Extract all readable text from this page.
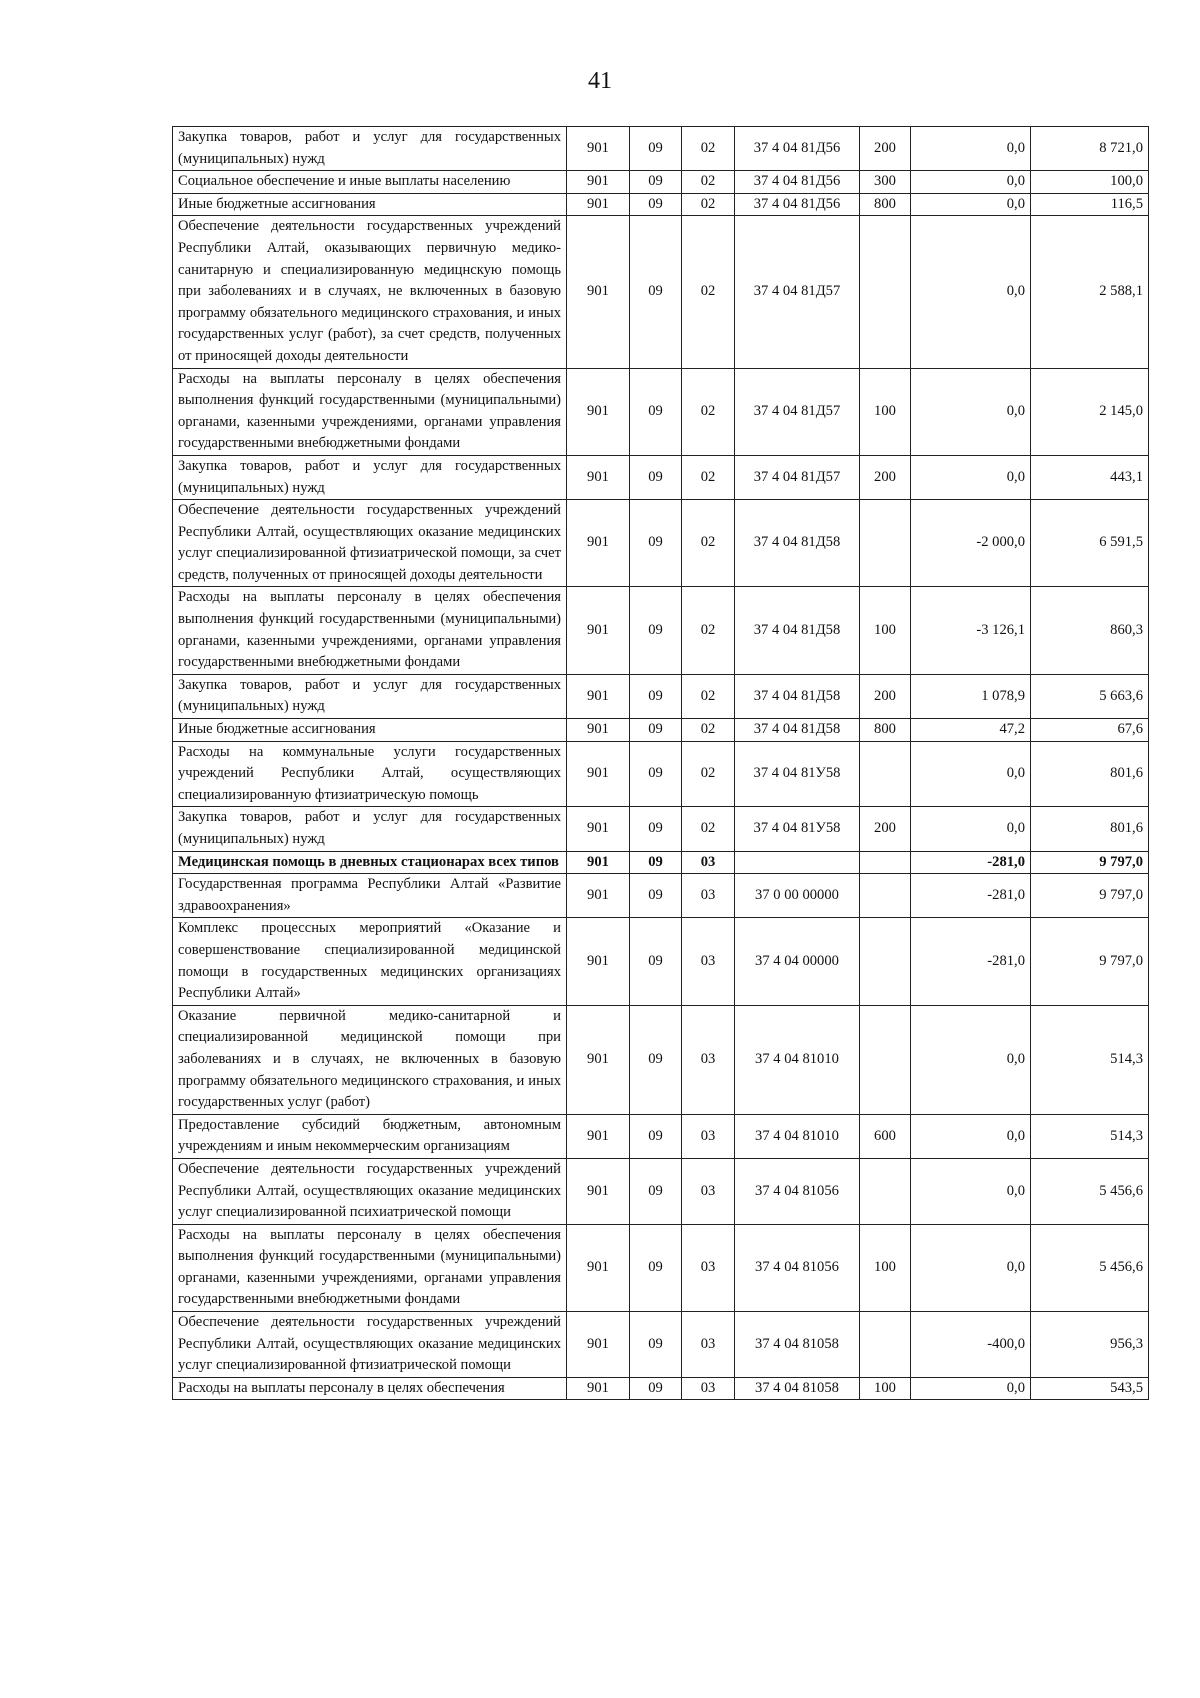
41
Закупка товаров, работ и услуг для государственных (муниципальных) нужд	901	09	02	37 4 04 81Д56	200	0,0	8 721,0
Социальное обеспечение и иные выплаты населению	901	09	02	37 4 04 81Д56	300	0,0	100,0
Иные бюджетные ассигнования	901	09	02	37 4 04 81Д56	800	0,0	116,5
Обеспечение деятельности государственных учреждений Республики Алтай, оказывающих первичную медико-санитарную и специализированную медицнскую помощь при заболеваниях и в случаях, не включенных в базовую программу обязательного медицинского страхования, и иных государственных услуг (работ), за счет средств, полученных от приносящей доходы деятельности	901	09	02	37 4 04 81Д57		0,0	2 588,1
Расходы на выплаты персоналу в целях обеспечения выполнения функций государственными (муниципальными) органами, казенными учреждениями, органами управления государственными внебюджетными фондами	901	09	02	37 4 04 81Д57	100	0,0	2 145,0
Закупка товаров, работ и услуг для государственных (муниципальных) нужд	901	09	02	37 4 04 81Д57	200	0,0	443,1
Обеспечение деятельности государственных учреждений Республики Алтай, осуществляющих оказание медицинских услуг специализированной фтизиатрической помощи, за счет средств, полученных от приносящей доходы деятельности	901	09	02	37 4 04 81Д58		-2 000,0	6 591,5
Расходы на выплаты персоналу в целях обеспечения выполнения функций государственными (муниципальными) органами, казенными учреждениями, органами управления государственными внебюджетными фондами	901	09	02	37 4 04 81Д58	100	-3 126,1	860,3
Закупка товаров, работ и услуг для государственных (муниципальных) нужд	901	09	02	37 4 04 81Д58	200	1 078,9	5 663,6
Иные бюджетные ассигнования	901	09	02	37 4 04 81Д58	800	47,2	67,6
Расходы на коммунальные услуги государственных учреждений Республики Алтай, осуществляющих специализированную фтизиатрическую помощь	901	09	02	37 4 04 81У58		0,0	801,6
Закупка товаров, работ и услуг для государственных (муниципальных) нужд	901	09	02	37 4 04 81У58	200	0,0	801,6
Медицинская помощь в дневных стационарах всех типов	901	09	03			-281,0	9 797,0
Государственная программа Республики Алтай «Развитие здравоохранения»	901	09	03	37 0 00 00000		-281,0	9 797,0
Комплекс процессных мероприятий «Оказание и совершенствование специализированной медицинской помощи в государственных медицинских организациях Республики Алтай»	901	09	03	37 4 04 00000		-281,0	9 797,0
Оказание первичной медико-санитарной и специализированной медицинской помощи при заболеваниях и в случаях, не включенных в базовую программу обязательного медицинского страхования, и иных государственных услуг (работ)	901	09	03	37 4 04 81010		0,0	514,3
Предоставление субсидий бюджетным, автономным учреждениям и иным некоммерческим организациям	901	09	03	37 4 04 81010	600	0,0	514,3
Обеспечение деятельности государственных учреждений Республики Алтай, осуществляющих оказание медицинских услуг специализированной психиатрической помощи	901	09	03	37 4 04 81056		0,0	5 456,6
Расходы на выплаты персоналу в целях обеспечения выполнения функций государственными (муниципальными) органами, казенными учреждениями, органами управления государственными внебюджетными фондами	901	09	03	37 4 04 81056	100	0,0	5 456,6
Обеспечение деятельности государственных учреждений Республики Алтай, осуществляющих оказание медицинских услуг специализированной фтизиатрической помощи	901	09	03	37 4 04 81058		-400,0	956,3
Расходы на выплаты персоналу в целях обеспечения	901	09	03	37 4 04 81058	100	0,0	543,5
